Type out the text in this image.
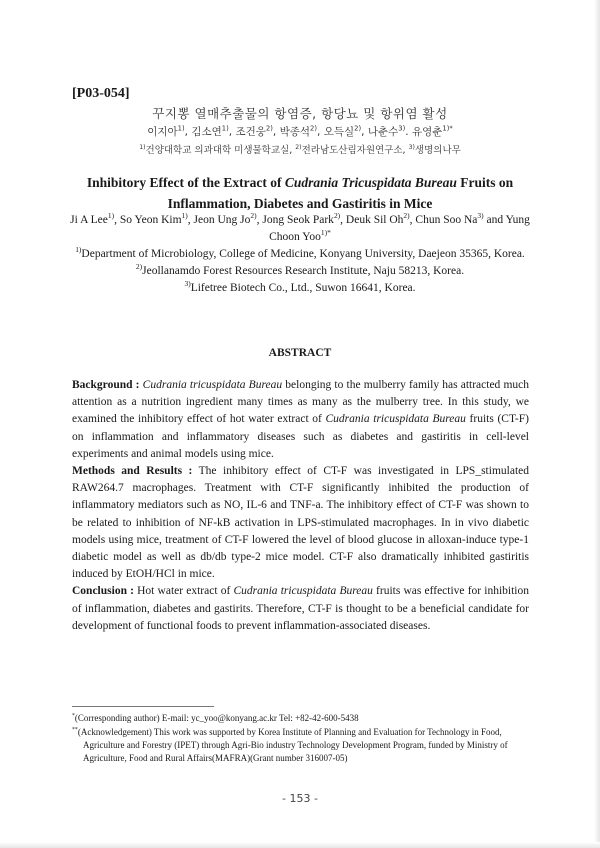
[P03-054]
꾸지뽕 열매추출물의 항염증, 항당뇨 및 항위염 활성
이지아$^{1)}$, 김소연$^{1)}$, 조건웅$^{2)}$, 박종석$^{2)}$, 오득실$^{2)}$, 나춘수$^{3)}$. 유영춘$^{1)*}$
$^{1)}$건양대학교 의과대학 미생물학교실, $^{2)}$전라남도산림자원연구소, $^{3)}$생명의나무
Inhibitory Effect of the Extract of Cudrania Tricuspidata Bureau Fruits on Inflammation, Diabetes and Gastiritis in Mice
Ji A Lee$^{1)}$, So Yeon Kim$^{1)}$, Jeon Ung Jo$^{2)}$, Jong Seok Park$^{2)}$, Deuk Sil Oh$^{2)}$, Chun Soo Na$^{3)}$ and Yung Choon Yoo$^{1)*}$
$^{1)}$Department of Microbiology, College of Medicine, Konyang University, Daejeon 35365, Korea.
$^{2)}$Jeollanamdo Forest Resources Research Institute, Naju 58213, Korea.
$^{3)}$Lifetree Biotech Co., Ltd., Suwon 16641, Korea.
ABSTRACT

Background : Cudrania tricuspidata Bureau belonging to the mulberry family has attracted much attention as a nutrition ingredient many times as many as the mulberry tree. In this study, we examined the inhibitory effect of hot water extract of Cudrania tricuspidata Bureau fruits (CT-F) on inflammation and inflammatory diseases such as diabetes and gastiritis in cell-level experiments and animal models using mice.

Methods and Results : The inhibitory effect of CT-F was investigated in LPS_stimulated RAW264.7 macrophages. Treatment with CT-F significantly inhibited the production of inflammatory mediators such as NO, IL-6 and TNF-a. The inhibitory effect of CT-F was shown to be related to inhibition of NF-kB activation in LPS-stimulated macrophages. In in vivo diabetic models using mice, treatment of CT-F lowered the level of blood glucose in alloxan-induce type-1 diabetic model as well as db/db type-2 mice model. CT-F also dramatically inhibited gastiritis induced by EtOH/HCl in mice.

Conclusion : Hot water extract of Cudrania tricuspidata Bureau fruits was effective for inhibition of inflammation, diabetes and gastirits. Therefore, CT-F is thought to be a beneficial candidate for development of functional foods to prevent inflammation-associated diseases.

*(Corresponding author) E-mail: yc_yoo@konyang.ac.kr Tel: +82-42-600-5438
**(Acknowledgement) This work was supported by Korea Institute of Planning and Evaluation for Technology in Food, Agriculture and Forestry (IPET) through Agri-Bio industry Technology Development Program, funded by Ministry of Agriculture, Food and Rural Affairs(MAFRA)(Grant number 316007-05)
- 153 -
